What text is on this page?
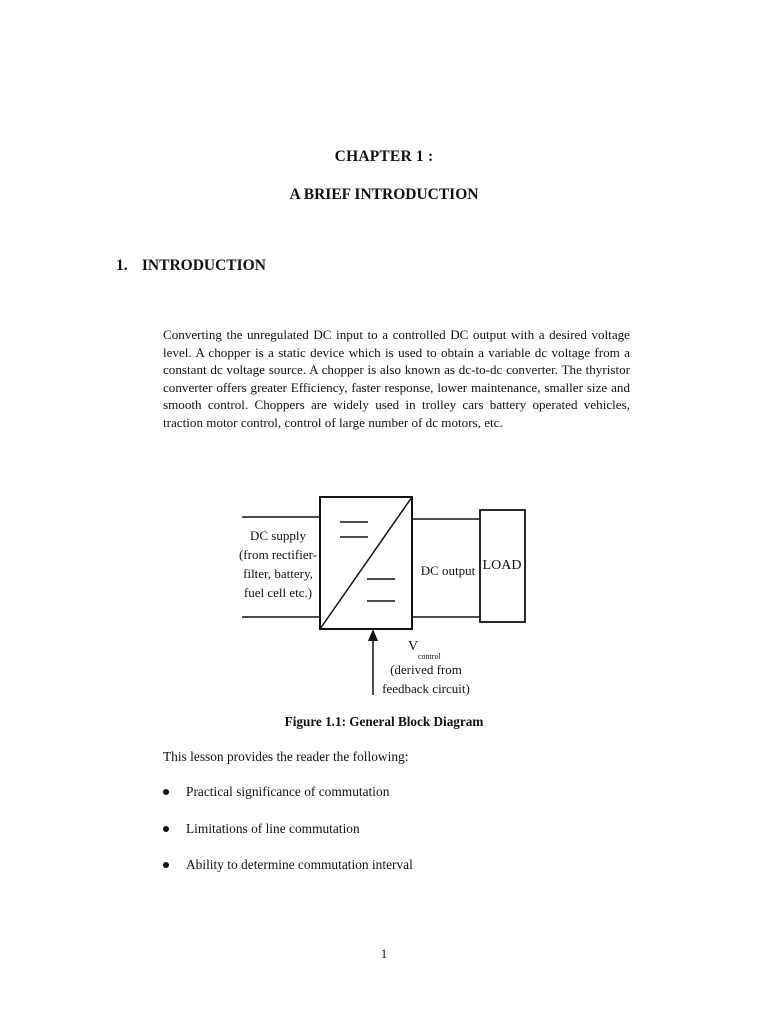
CHAPTER 1 :
A BRIEF INTRODUCTION
1. INTRODUCTION
Converting the unregulated DC input to a controlled DC output with a desired voltage level. A chopper is a static device which is used to obtain a variable dc voltage from a constant dc voltage source. A chopper is also known as dc-to-dc converter. The thyristor converter offers greater Efficiency, faster response, lower maintenance, smaller size and smooth control. Choppers are widely used in trolley cars battery operated vehicles, traction motor control, control of large number of dc motors, etc.
LOAD
DC supply
(from rectifier-
filter, battery,
fuel cell etc.)
DC output
V
control
(derived from
feedback circuit)
Figure 1.1: General Block Diagram
This lesson provides the reader the following:
Practical significance of commutation
Limitations of line commutation
Ability to determine commutation interval
1
